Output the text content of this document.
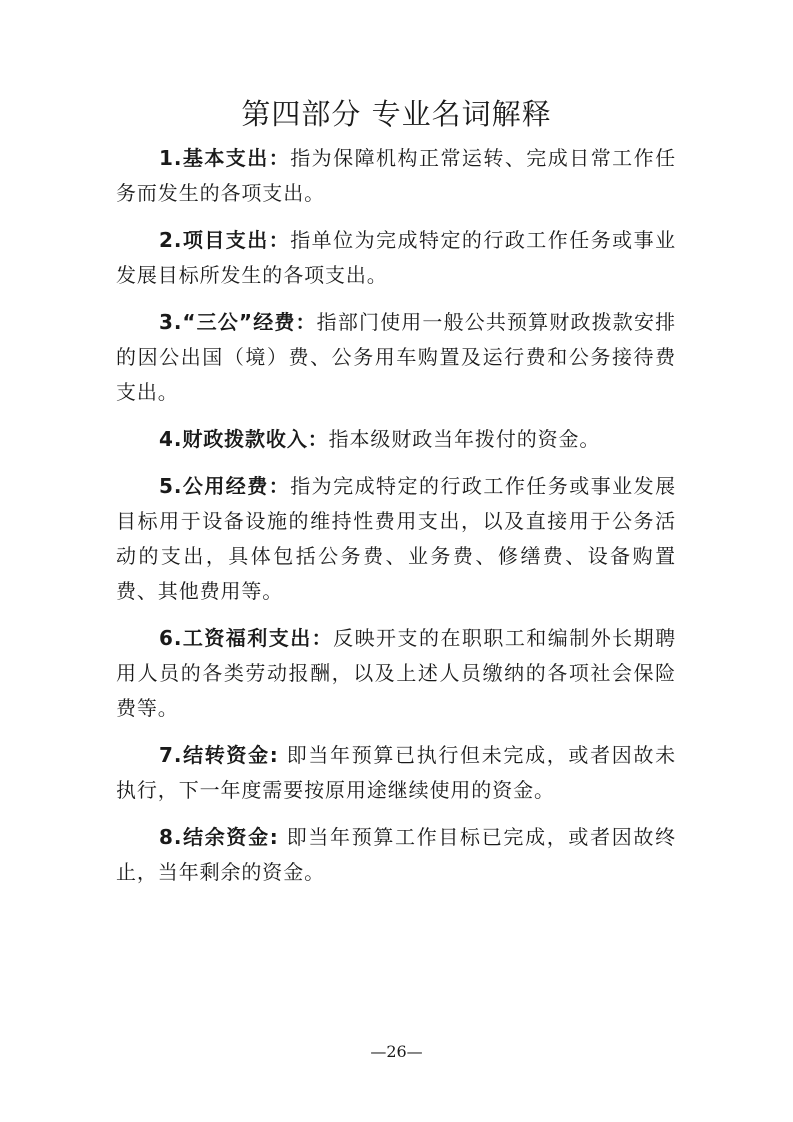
第四部分 专业名词解释

1.基本支出：指为保障机构正常运转、完成日常工作任务而发生的各项支出。

2.项目支出：指单位为完成特定的行政工作任务或事业发展目标所发生的各项支出。

3.“三公”经费：指部门使用一般公共预算财政拨款安排的因公出国（境）费、公务用车购置及运行费和公务接待费支出。

4.财政拨款收入：指本级财政当年拨付的资金。

5.公用经费：指为完成特定的行政工作任务或事业发展目标用于设备设施的维持性费用支出，以及直接用于公务活动的支出，具体包括公务费、业务费、修缮费、设备购置费、其他费用等。

6.工资福利支出：反映开支的在职职工和编制外长期聘用人员的各类劳动报酬，以及上述人员缴纳的各项社会保险费等。

7.结转资金: 即当年预算已执行但未完成，或者因故未执行，下一年度需要按原用途继续使用的资金。

8.结余资金: 即当年预算工作目标已完成，或者因故终止，当年剩余的资金。

—26—
